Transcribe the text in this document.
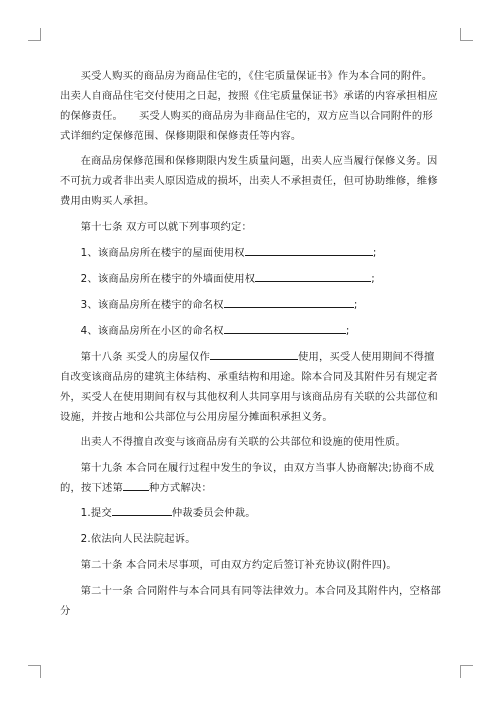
买受人购买的商品房为商品住宅的，《住宅质量保证书》作为本合同的附件。出卖人自商品住宅交付使用之日起，按照《住宅质量保证书》承诺的内容承担相应的保修责任。 买受人购买的商品房为非商品住宅的，双方应当以合同附件的形式详细约定保修范围、保修期限和保修责任等内容。

在商品房保修范围和保修期限内发生质量问题，出卖人应当履行保修义务。因不可抗力或者非出卖人原因造成的损坏，出卖人不承担责任，但可协助维修，维修费用由购买人承担。

第十七条 双方可以就下列事项约定：

1、该商品房所在楼宇的屋面使用权	;

2、该商品房所在楼宇的外墙面使用权	;

3、该商品房所在楼宇的命名权	;

4、该商品房所在小区的命名权	;

第十八条 买受人的房屋仅作	使用，买受人使用期间不得擅自改变该商品房的建筑主体结构、承重结构和用途。除本合同及其附件另有规定者外，买受人在使用期间有权与其他权利人共同享用与该商品房有关联的公共部位和设施，并按占地和公共部位与公用房屋分摊面积承担义务。

出卖人不得擅自改变与该商品房有关联的公共部位和设施的使用性质。

第十九条 本合同在履行过程中发生的争议，由双方当事人协商解决;协商不成的，按下述第	种方式解决：

1.提交	仲裁委员会仲裁。

2.依法向人民法院起诉。

第二十条 本合同未尽事项，可由双方约定后签订补充协议(附件四)。

第二十一条 合同附件与本合同具有同等法律效力。本合同及其附件内，空格部分
